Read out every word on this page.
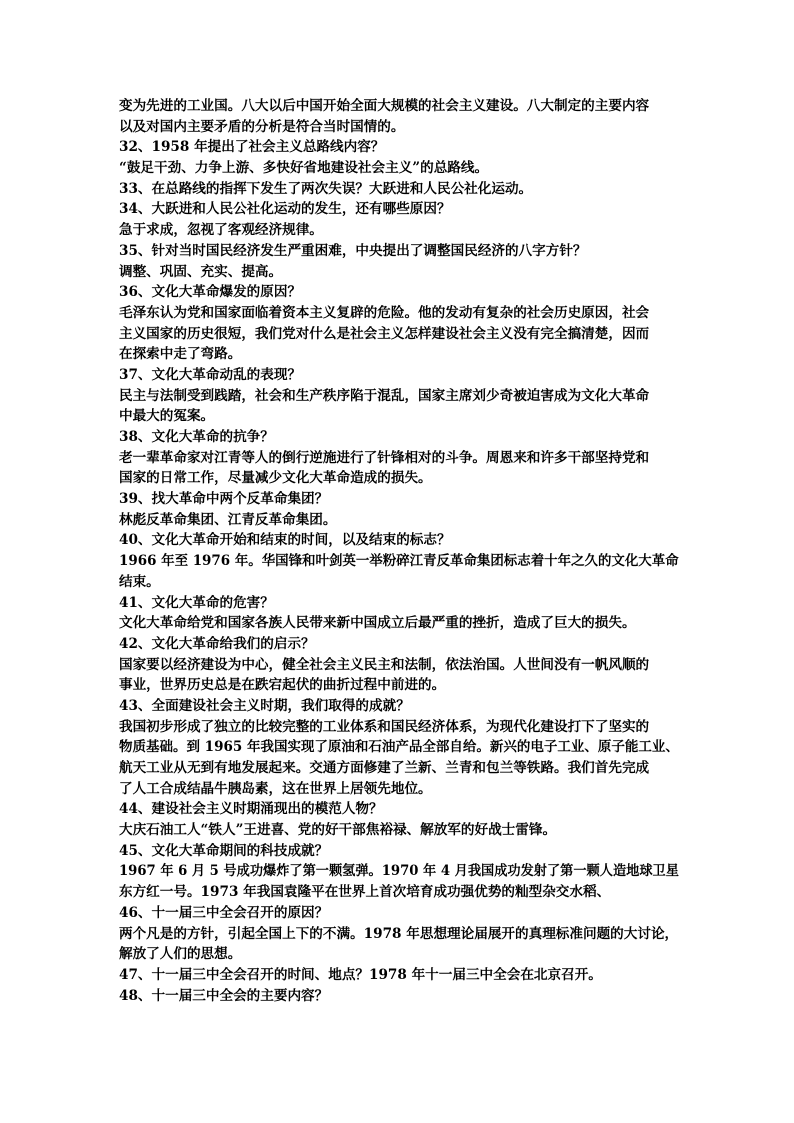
变为先进的工业国。八大以后中国开始全面大规模的社会主义建设。八大制定的主要内容
以及对国内主要矛盾的分析是符合当时国情的。
32、1958 年提出了社会主义总路线内容？
“鼓足干劲、力争上游、多快好省地建设社会主义”的总路线。
33、在总路线的指挥下发生了两次失误？大跃进和人民公社化运动。
34、大跃进和人民公社化运动的发生，还有哪些原因？
急于求成，忽视了客观经济规律。
35、针对当时国民经济发生严重困难，中央提出了调整国民经济的八字方针？
调整、巩固、充实、提高。
36、文化大革命爆发的原因？
毛泽东认为党和国家面临着资本主义复辟的危险。他的发动有复杂的社会历史原因，社会
主义国家的历史很短，我们党对什么是社会主义怎样建设社会主义没有完全搞清楚，因而
在探索中走了弯路。
37、文化大革命动乱的表现？
民主与法制受到践踏，社会和生产秩序陷于混乱，国家主席刘少奇被迫害成为文化大革命
中最大的冤案。
38、文化大革命的抗争？
老一辈革命家对江青等人的倒行逆施进行了针锋相对的斗争。周恩来和许多干部坚持党和
国家的日常工作，尽量减少文化大革命造成的损失。
39、找大革命中两个反革命集团？
林彪反革命集团、江青反革命集团。
40、文化大革命开始和结束的时间，以及结束的标志？
1966 年至 1976 年。华国锋和叶剑英一举粉碎江青反革命集团标志着十年之久的文化大革命
结束。
41、文化大革命的危害？
文化大革命给党和国家各族人民带来新中国成立后最严重的挫折，造成了巨大的损失。
42、文化大革命给我们的启示？
国家要以经济建设为中心，健全社会主义民主和法制，依法治国。人世间没有一帆风顺的
事业，世界历史总是在跌宕起伏的曲折过程中前进的。
43、全面建设社会主义时期，我们取得的成就？
我国初步形成了独立的比较完整的工业体系和国民经济体系，为现代化建设打下了坚实的
物质基础。到 1965 年我国实现了原油和石油产品全部自给。新兴的电子工业、原子能工业、
航天工业从无到有地发展起来。交通方面修建了兰新、兰青和包兰等铁路。我们首先完成
了人工合成结晶牛胰岛素，这在世界上居领先地位。
44、建设社会主义时期涌现出的模范人物？
大庆石油工人“铁人”王进喜、党的好干部焦裕禄、解放军的好战士雷锋。
45、文化大革命期间的科技成就？
1967 年 6 月 5 号成功爆炸了第一颗氢弹。1970 年 4 月我国成功发射了第一颗人造地球卫星
东方红一号。1973 年我国袁隆平在世界上首次培育成功强优势的籼型杂交水稻、
46、十一届三中全会召开的原因？
两个凡是的方针，引起全国上下的不满。1978 年思想理论届展开的真理标准问题的大讨论，
解放了人们的思想。
47、十一届三中全会召开的时间、地点？1978 年十一届三中全会在北京召开。
48、十一届三中全会的主要内容？
